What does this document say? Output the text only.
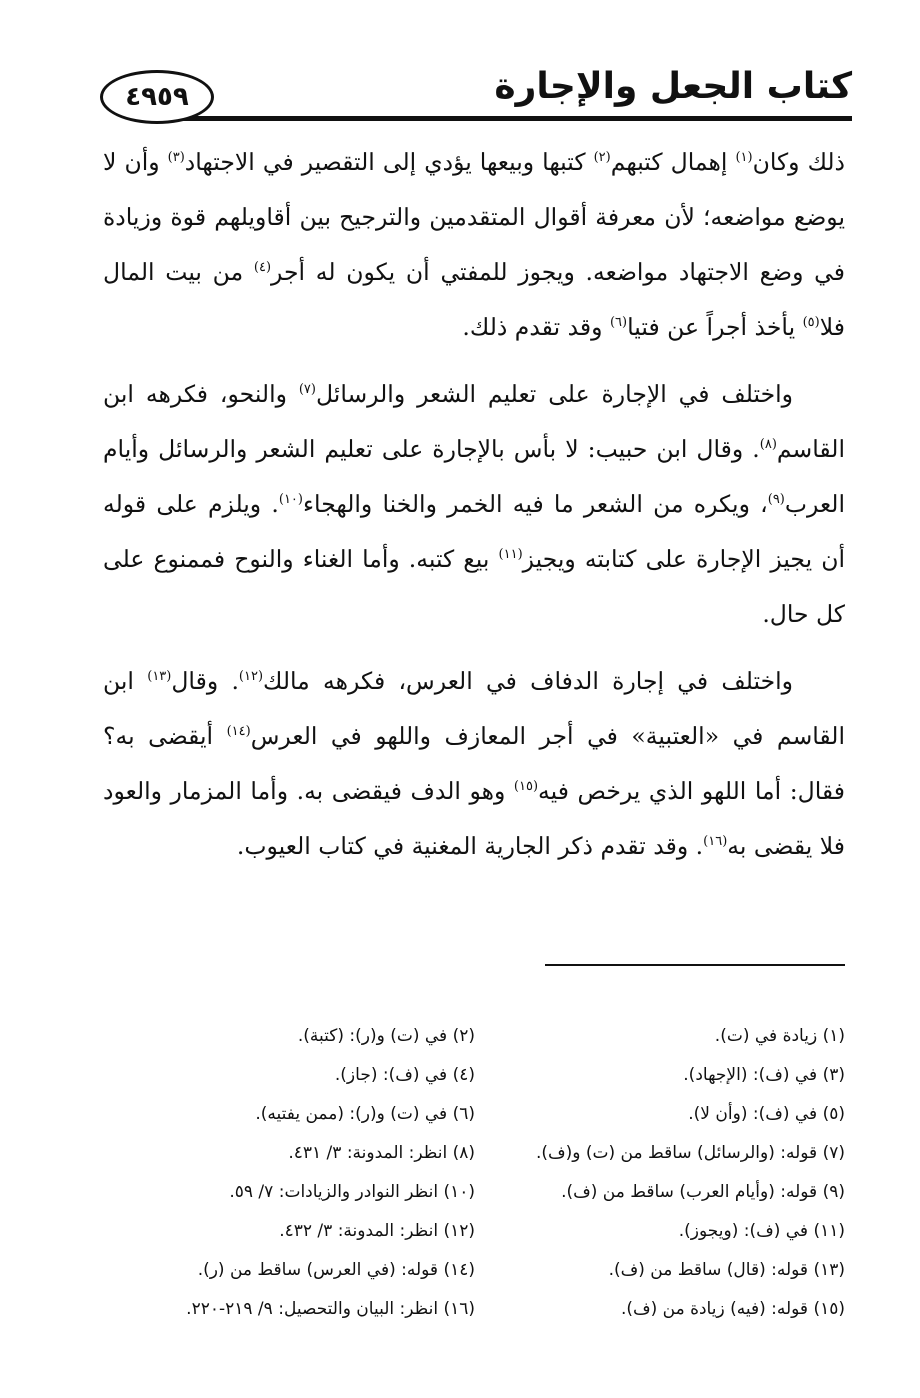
٤٩٥٩	كتاب الجعل والإجارة

ذلك وكان$^{(١)}$ إهمال كتبهم$^{(٢)}$ كتبها وبيعها يؤدي إلى التقصير في الاجتهاد$^{(٣)}$ وأن لا يوضع مواضعه؛ لأن معرفة أقوال المتقدمين والترجيح بين أقاويلهم قوة وزيادة في وضع الاجتهاد مواضعه. ويجوز للمفتي أن يكون له أجر$^{(٤)}$ من بيت المال فلا$^{(٥)}$ يأخذ أجراً عن فتيا$^{(٦)}$ وقد تقدم ذلك.

واختلف في الإجارة على تعليم الشعر والرسائل$^{(٧)}$ والنحو، فكرهه ابن القاسم$^{(٨)}$. وقال ابن حبيب: لا بأس بالإجارة على تعليم الشعر والرسائل وأيام العرب$^{(٩)}$، ويكره من الشعر ما فيه الخمر والخنا والهجاء$^{(١٠)}$. ويلزم على قوله أن يجيز الإجارة على كتابته ويجيز$^{(١١)}$ بيع كتبه. وأما الغناء والنوح فممنوع على كل حال.

واختلف في إجارة الدفاف في العرس، فكرهه مالك$^{(١٢)}$. وقال$^{(١٣)}$ ابن القاسم في «العتبية» في أجر المعازف واللهو في العرس$^{(١٤)}$ أيقضى به؟ فقال: أما اللهو الذي يرخص فيه$^{(١٥)}$ وهو الدف فيقضى به. وأما المزمار والعود فلا يقضى به$^{(١٦)}$. وقد تقدم ذكر الجارية المغنية في كتاب العيوب.

(١) زيادة في (ت).
(٢) في (ت) و(ر): (كتبة).
(٣) في (ف): (الإجهاد).
(٤) في (ف): (جاز).
(٥) في (ف): (وأن لا).
(٦) في (ت) و(ر): (ممن يفتيه).
(٧) قوله: (والرسائل) ساقط من (ت) و(ف).
(٨) انظر: المدونة: ٣/ ٤٣١.
(٩) قوله: (وأيام العرب) ساقط من (ف).
(١٠) انظر النوادر والزيادات: ٧/ ٥٩.
(١١) في (ف): (ويجوز).
(١٢) انظر: المدونة: ٣/ ٤٣٢.
(١٣) قوله: (قال) ساقط من (ف).
(١٤) قوله: (في العرس) ساقط من (ر).
(١٥) قوله: (فيه) زيادة من (ف).
(١٦) انظر: البيان والتحصيل: ٩/ ٢١٩-٢٢٠.
